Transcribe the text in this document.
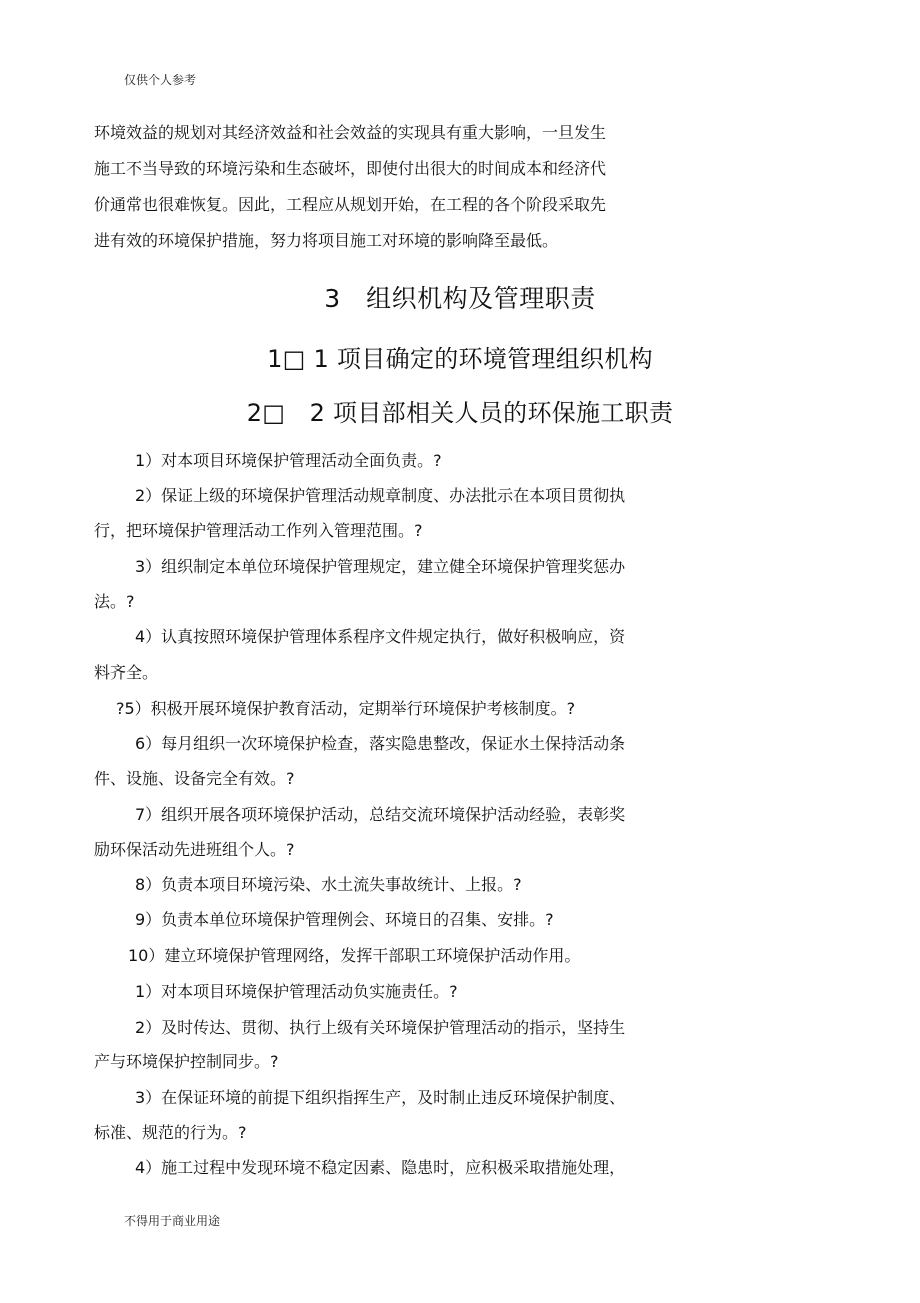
仅供个人参考
环境效益的规划对其经济效益和社会效益的实现具有重大影响，一旦发生
施工不当导致的环境污染和生态破坏，即使付出很大的时间成本和经济代
价通常也很难恢复。因此，工程应从规划开始，在工程的各个阶段采取先
进有效的环境保护措施，努力将项目施工对环境的影响降至最低。
3　组织机构及管理职责
1□ 1 项目确定的环境管理组织机构
2□　2 项目部相关人员的环保施工职责
1）对本项目环境保护管理活动全面负责。?
2）保证上级的环境保护管理活动规章制度、办法批示在本项目贯彻执
行，把环境保护管理活动工作列入管理范围。?
3）组织制定本单位环境保护管理规定，建立健全环境保护管理奖惩办
法。?
4）认真按照环境保护管理体系程序文件规定执行，做好积极响应，资
料齐全。
?5）积极开展环境保护教育活动，定期举行环境保护考核制度。?
6）每月组织一次环境保护检查，落实隐患整改，保证水土保持活动条
件、设施、设备完全有效。?
7）组织开展各项环境保护活动，总结交流环境保护活动经验，表彰奖
励环保活动先进班组个人。?
8）负责本项目环境污染、水土流失事故统计、上报。?
9）负责本单位环境保护管理例会、环境日的召集、安排。?
10）建立环境保护管理网络，发挥干部职工环境保护活动作用。
1）对本项目环境保护管理活动负实施责任。?
2）及时传达、贯彻、执行上级有关环境保护管理活动的指示，坚持生
产与环境保护控制同步。?
3）在保证环境的前提下组织指挥生产，及时制止违反环境保护制度、
标准、规范的行为。?
4）施工过程中发现环境不稳定因素、隐患时，应积极采取措施处理，
不得用于商业用途
